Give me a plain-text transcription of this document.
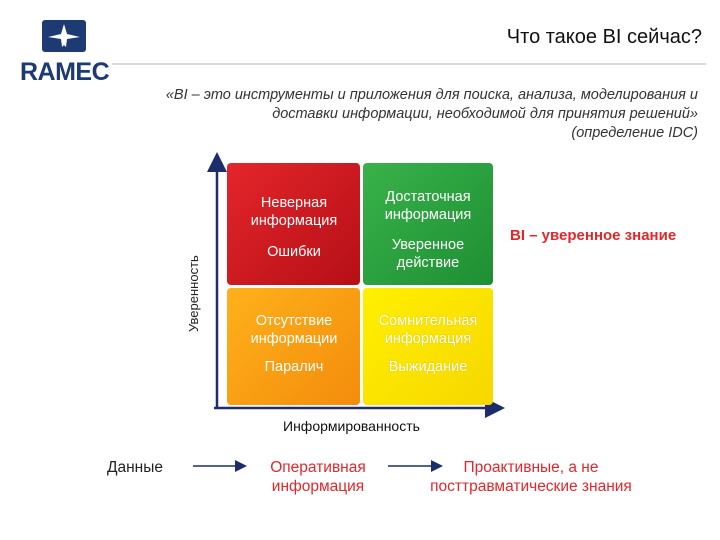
RAMEC
Что такое BI сейчас?
«BI – это инструменты и приложения для поиска, анализа, моделирования и
доставки информации, необходимой для принятия решений»
(определение IDC)
Уверенность
Неверная
информация
Ошибки
Достаточная
информация
Уверенное
действие
Отсутствие
информации
Паралич
Сомнительная
информация
Выжидание
BI – уверенное знание
Информированность
Данные	Оперативная
информация
Проактивные, а не
посттравматические знания
